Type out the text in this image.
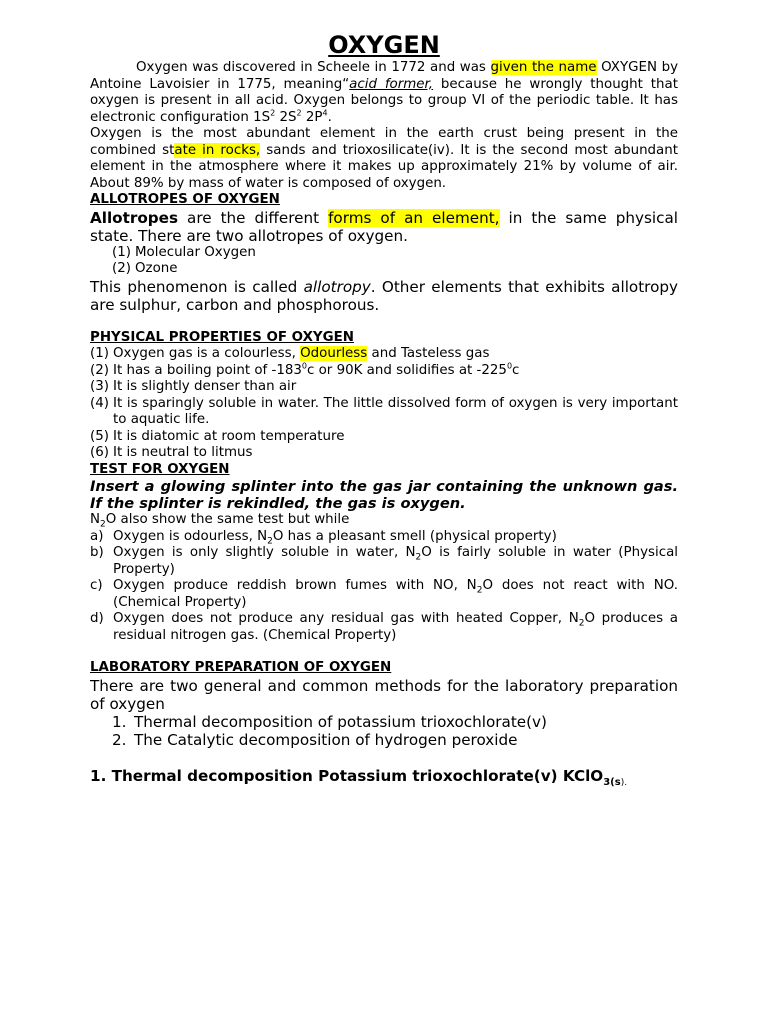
OXYGEN

Oxygen was discovered in Scheele in 1772 and was given the name OXYGEN by Antoine Lavoisier in 1775, meaning“acid former, because he wrongly thought that oxygen is present in all acid. Oxygen belongs to group VI of the periodic table. It has electronic configuration $1S^2$ $2S^2$ $2P^4$.

Oxygen is the most abundant element in the earth crust being present in the combined state in rocks, sands and trioxosilicate(iv). It is the second most abundant element in the atmosphere where it makes up approximately 21% by volume of air. About 89% by mass of water is composed of oxygen.

ALLOTROPES OF OXYGEN

Allotropes are the different forms of an element, in the same physical state. There are two allotropes of oxygen.

(1) Molecular Oxygen
(2) Ozone

This phenomenon is called allotropy. Other elements that exhibits allotropy are sulphur, carbon and phosphorous.

PHYSICAL PROPERTIES OF OXYGEN
(1) Oxygen gas is a colourless, Odourless and Tasteless gas
(2) It has a boiling point of $-183^0c$ or 90K and solidifies at $-225^0c$
(3) It is slightly denser than air
(4) It is sparingly soluble in water. The little dissolved form of oxygen is very important to aquatic life.
(5) It is diatomic at room temperature
(6) It is neutral to litmus
TEST FOR OXYGEN

Insert a glowing splinter into the gas jar containing the unknown gas. If the splinter is rekindled, the gas is oxygen.

$N_2O$ also show the same test but while

a) Oxygen is odourless, $N_2O$ has a pleasant smell (physical property)
b) Oxygen is only slightly soluble in water, $N_2O$ is fairly soluble in water (Physical Property)
c) Oxygen produce reddish brown fumes with NO, $N_2O$ does not react with NO. (Chemical Property)
d) Oxygen does not produce any residual gas with heated Copper, $N_2O$ produces a residual nitrogen gas. (Chemical Property)
LABORATORY PREPARATION OF OXYGEN

There are two general and common methods for the laboratory preparation of oxygen

1. Thermal decomposition of potassium trioxochlorate(v)
2. The Catalytic decomposition of hydrogen peroxide

1. Thermal decomposition Potassium trioxochlorate(v) KClO$_{3(s).}$
